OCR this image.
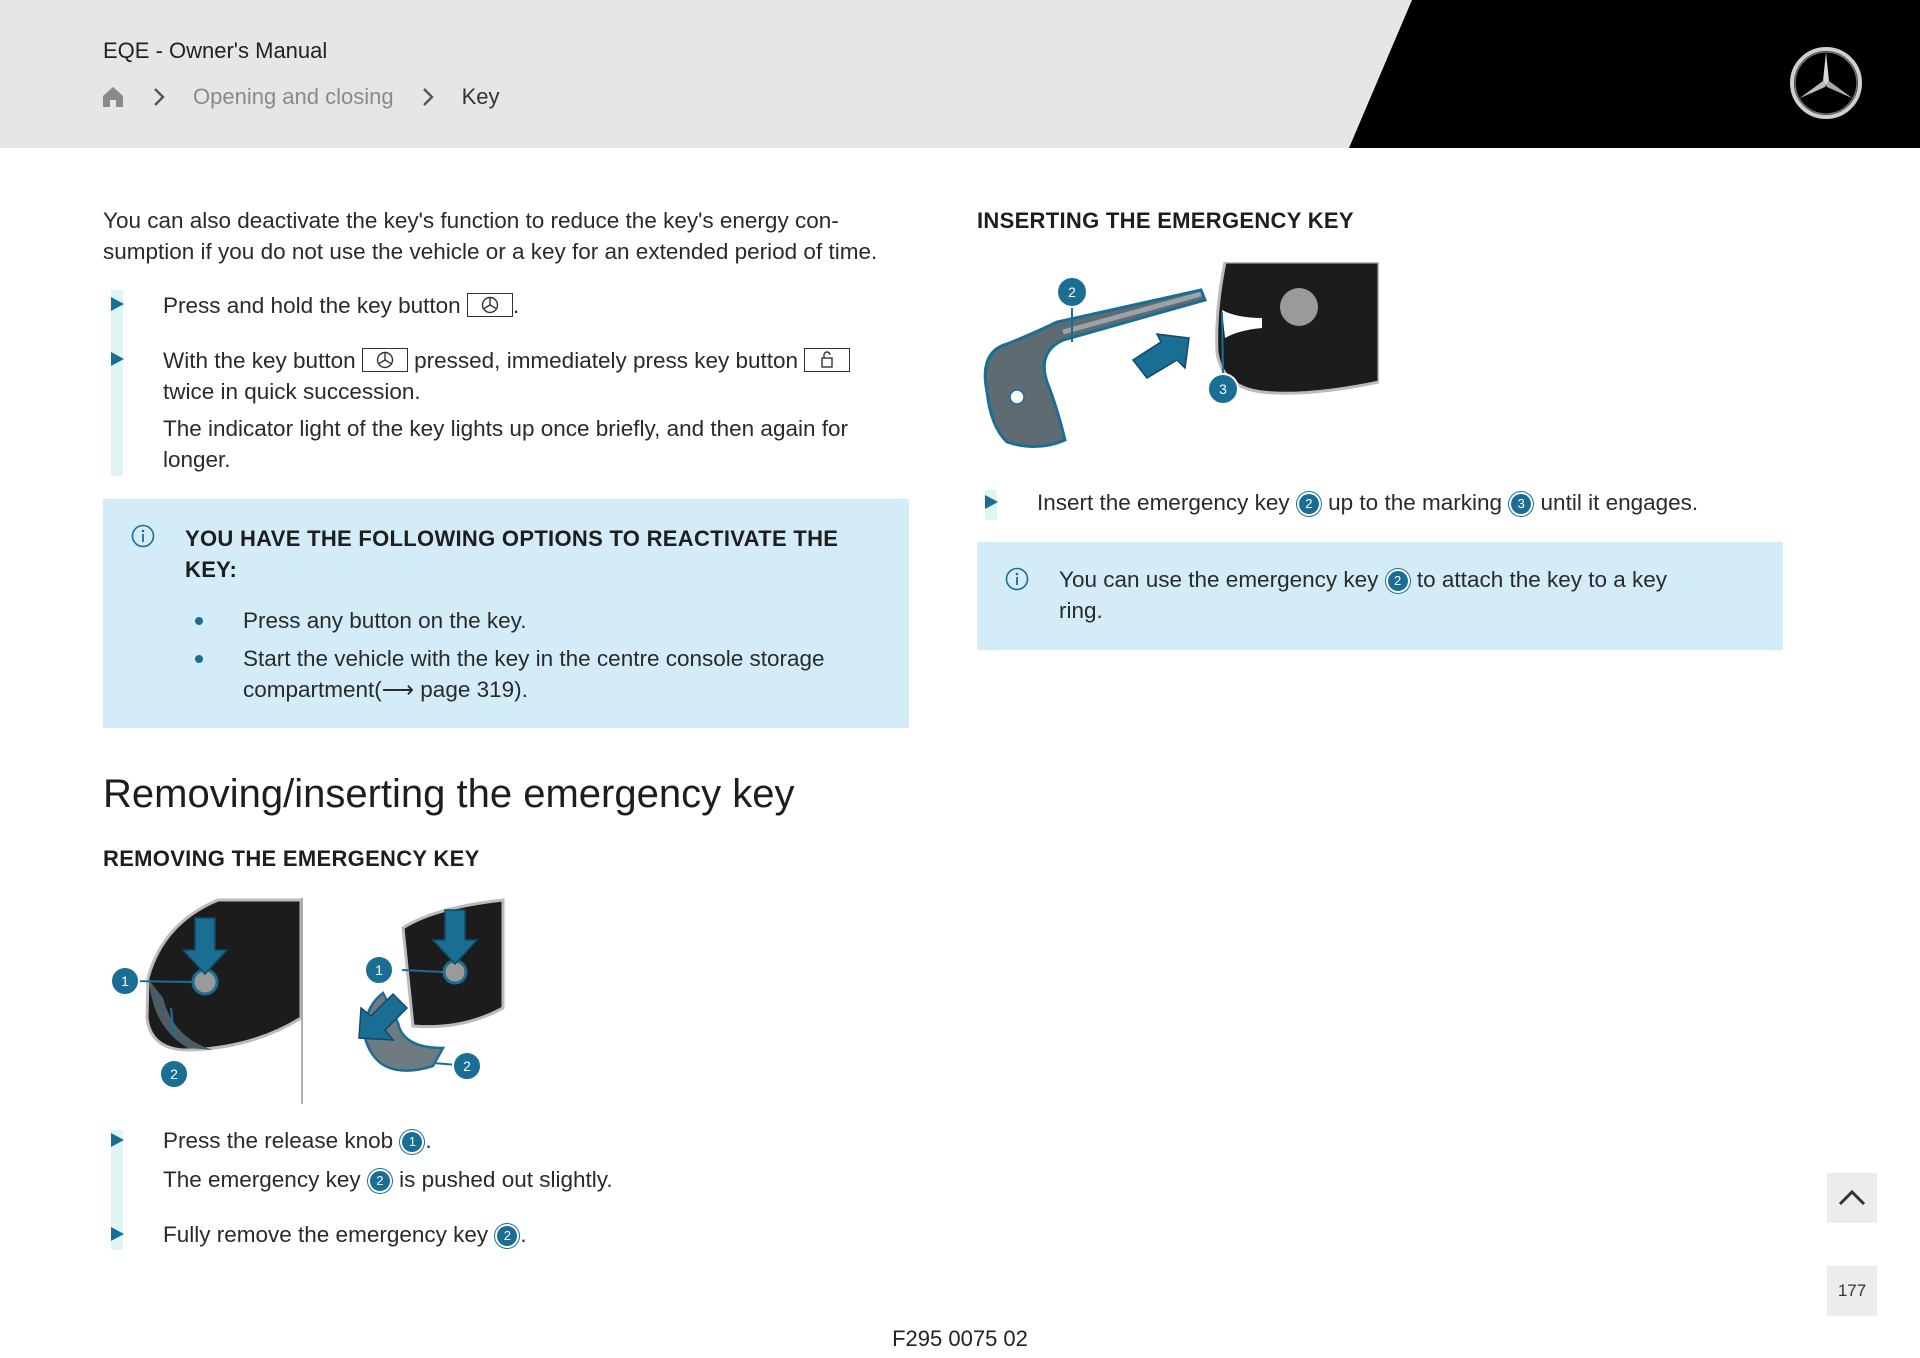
EQE - Owner's Manual
Opening and closing	Key
You can also deactivate the key's function to reduce the key's energy con-
sumption if you do not use the vehicle or a key for an extended period of time.
Press and hold the key button .
With the key button	pressed, immediately press key button
twice in quick succession.
The indicator light of the key lights up once briefly, and then again for
longer.
YOU HAVE THE FOLLOWING OPTIONS TO REACTIVATE THE
KEY:
Press any button on the key.
Start the vehicle with the key in the centre console storage
compartment(⟶ page 319).
Removing/inserting the emergency key
REMOVING THE EMERGENCY KEY
1
2
1
2
Press the release knob 1 .
The emergency key 2 is pushed out slightly.
Fully remove the emergency key 2 .
INSERTING THE EMERGENCY KEY
2
3
Insert the emergency key 2 up to the marking 3 until it engages.
You can use the emergency key 2 to attach the key to a key
ring.
177
F295 0075 02
